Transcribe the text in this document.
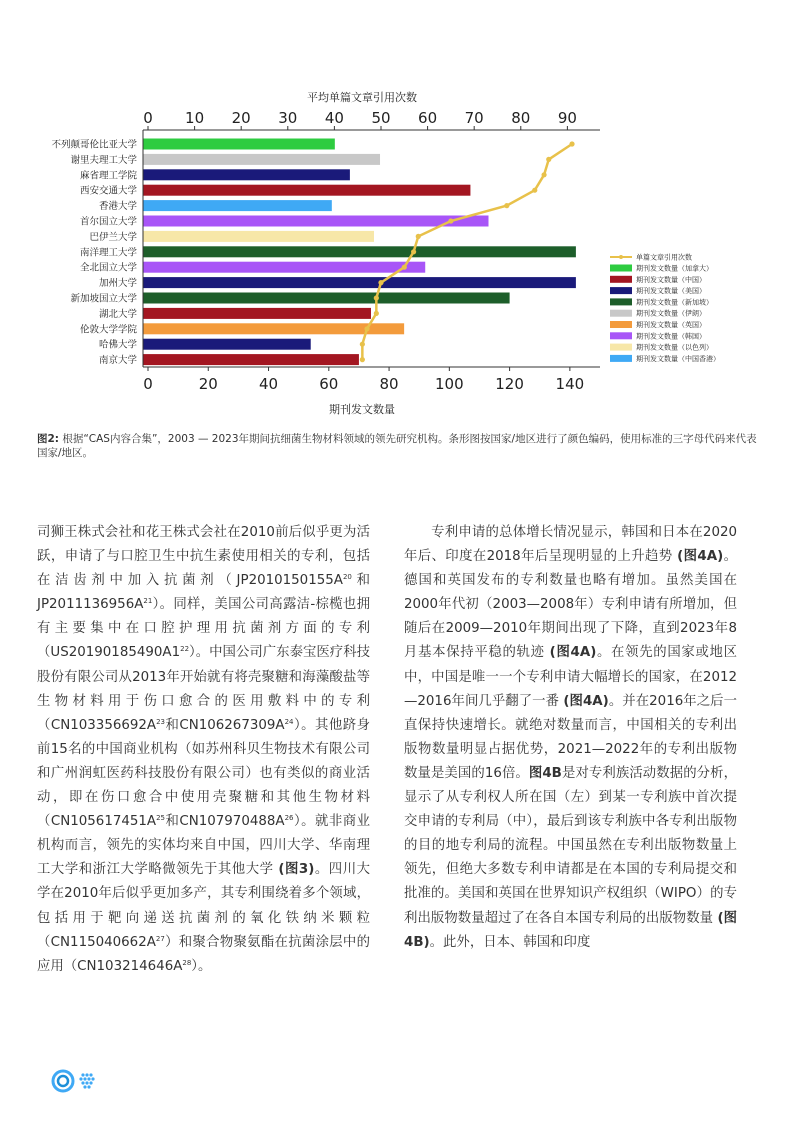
平均单篇文章引用次数
0 10 20 30 40 50 60 70 80 90
不列颠哥伦比亚大学
谢里夫理工大学
麻省理工学院
西安交通大学
香港大学
首尔国立大学
巴伊兰大学
南洋理工大学
全北国立大学
加州大学
新加坡国立大学
湖北大学
伦敦大学学院
哈佛大学
南京大学
0	20	40	60	80 100 120 140
期刊发文数量
单篇文章引用次数
期刊发文数量（加拿大）
期刊发文数量（中国）
期刊发文数量（美国）
期刊发文数量（新加坡）
期刊发文数量（伊朗）
期刊发文数量（英国）
期刊发文数量（韩国）
期刊发文数量（以色列）
期刊发文数量（中国香港）
图2: 根据“CAS内容合集”，2003 — 2023年期间抗细菌生物材料领域的领先研究机构。条形图按国家/地区进行了颜色编码，使用标准的三字母代码来代表国家/地区。

司狮王株式会社和花王株式会社在2010前后似乎更为活跃，申请了与口腔卫生中抗生素使用相关的专利，包括在洁齿剂中加入抗菌剂（$JP2010150155A^{20}$和$JP2011136956A^{21}$）。同样，美国公司高露洁-棕榄也拥有主要集中在口腔护理用抗菌剂方面的专利$(US20190185490A1^{22})$。中国公司广东泰宝医疗科技股份有限公司从2013年开始就有将壳聚糖和海藻酸盐等生物材料用于伤口愈合的医用敷料中的专利（$CN103356692A^{23}$和$CN106267309A^{24}$）。其他跻身前15名的中国商业机构（如苏州科贝生物技术有限公司和广州润虹医药科技股份有限公司）也有类似的商业活动，即在伤口愈合中使用壳聚糖和其他生物材料（$CN105617451A^{25}$和$CN107970488A^{26}$）。就非商业机构而言，领先的实体均来自中国，四川大学、华南理工大学和浙江大学略微领先于其他大学 (图3)。四川大学在2010年后似乎更加多产，其专利围绕着多个领域，包括用于靶向递送抗菌剂的氧化铁纳米颗粒$(CN115040662A^{27})$和聚合物聚氨酯在抗菌涂层中的应用$(CN103214646A^{28})$。

　　专利申请的总体增长情况显示，韩国和日本在2020年后、印度在2018年后呈现明显的上升趋势 (图4A)。德国和英国发布的专利数量也略有增加。虽然美国在2000年代初（2003—2008年）专利申请有所增加，但随后在2009—2010年期间出现了下降，直到2023年8月基本保持平稳的轨迹 (图4A)。在领先的国家或地区中，中国是唯一一个专利申请大幅增长的国家，在2012—2016年间几乎翻了一番 (图4A)。并在2016年之后一直保持快速增长。就绝对数量而言，中国相关的专利出版物数量明显占据优势，2021—2022年的专利出版物数量是美国的16倍。图4B是对专利族活动数据的分析，显示了从专利权人所在国（左）到某一专利族中首次提交申请的专利局（中），最后到该专利族中各专利出版物的目的地专利局的流程。中国虽然在专利出版物数量上领先，但绝大多数专利申请都是在本国的专利局提交和批准的。美国和英国在世界知识产权组织（WIPO）的专利出版物数量超过了在各自本国专利局的出版物数量 (图4B)。此外，日本、韩国和印度
